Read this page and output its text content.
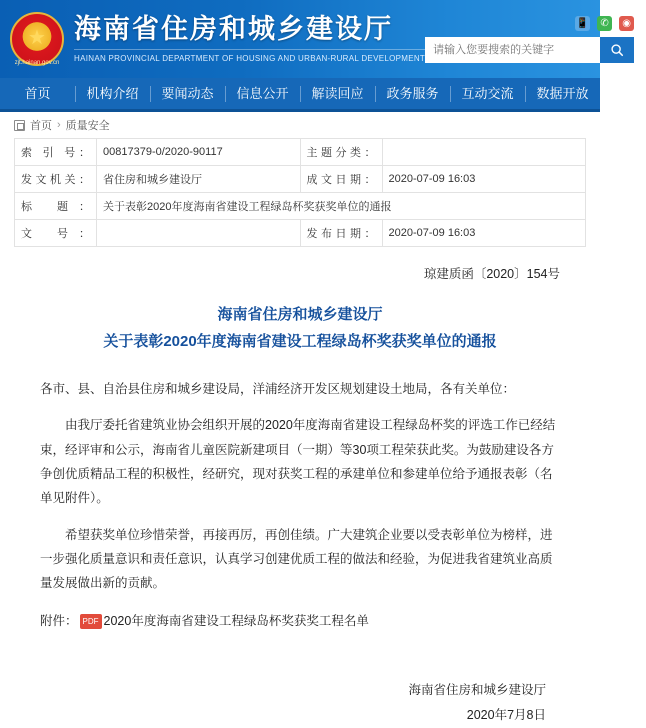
zjt.hainan.gov.cn
★
海南省住房和城乡建设厅
HAINAN PROVINCIAL DEPARTMENT OF HOUSING AND URBAN-RURAL DEVELOPMENT
📱	✆	◉
请输入您要搜索的关键字
首页	机构介绍	要闻动态	信息公开	解读回应	政务服务	互动交流	数据开放
首页 › 质量安全
索 引 号：	00817379-0/2020-90117	主题分类：	
发文机关：	省住房和城乡建设厅	成文日期：	2020-07-09 16:03
标 题：	关于表彰2020年度海南省建设工程绿岛杯奖获奖单位的通报		
文 号：		发布日期：	2020-07-09 16:03
琼建质函〔2020〕154号
海南省住房和城乡建设厅
关于表彰2020年度海南省建设工程绿岛杯奖获奖单位的通报

各市、县、自治县住房和城乡建设局，洋浦经济开发区规划建设土地局，各有关单位：

由我厅委托省建筑业协会组织开展的2020年度海南省建设工程绿岛杯奖的评选工作已经结束，经评审和公示，海南省儿童医院新建项目（一期）等30项工程荣获此奖。为鼓励建设各方争创优质精品工程的积极性，经研究，现对获奖工程的承建单位和参建单位给予通报表彰（名单见附件）。

希望获奖单位珍惜荣誉，再接再厉，再创佳绩。广大建筑企业要以受表彰单位为榜样，进一步强化质量意识和责任意识，认真学习创建优质工程的做法和经验，为促进我省建筑业高质量发展做出新的贡献。

附件： PDF 2020年度海南省建设工程绿岛杯奖获奖工程名单
海南省住房和城乡建设厅
2020年7月8日
